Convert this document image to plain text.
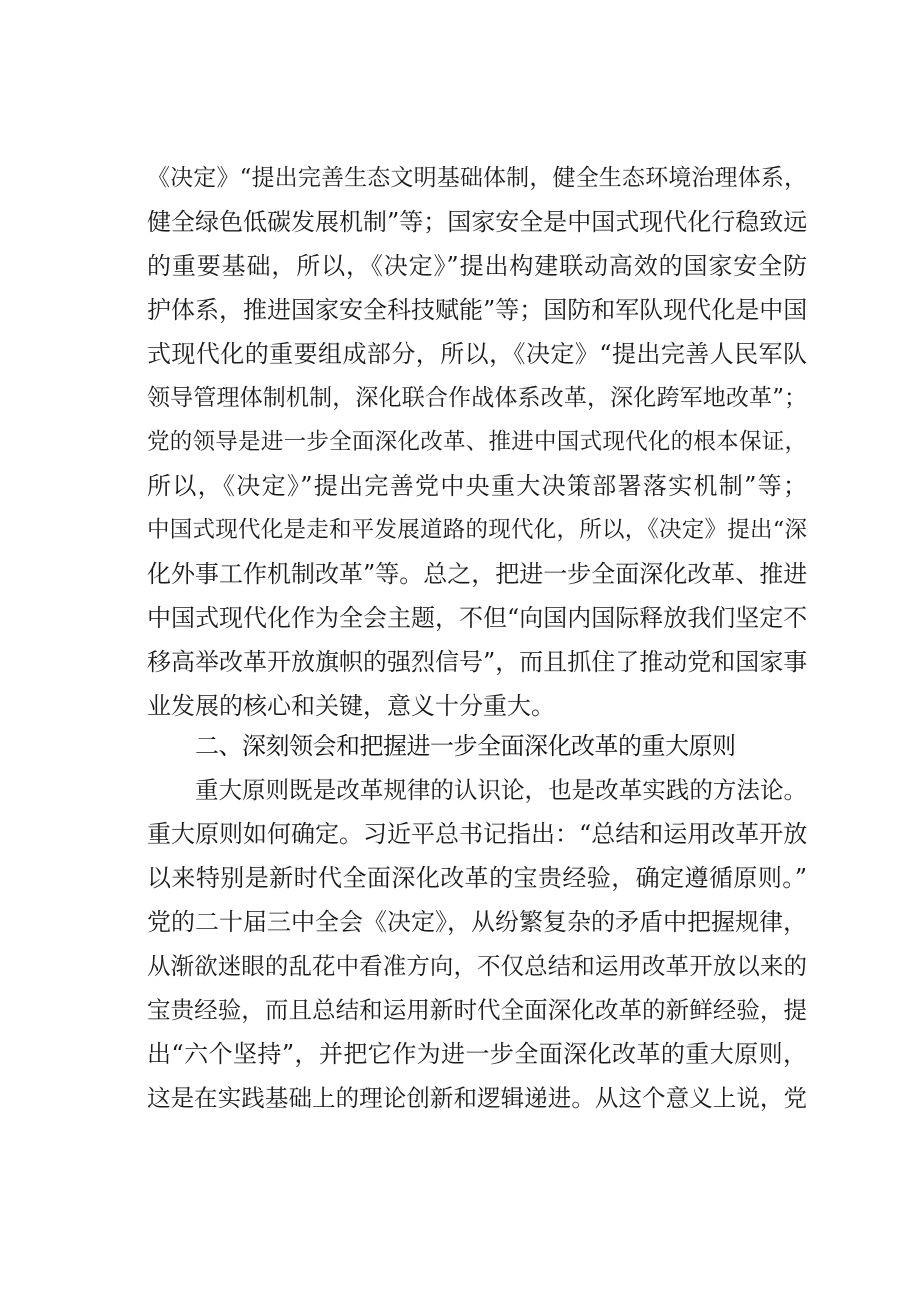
《决定》“提出完善生态文明基础体制，健全生态环境治理体系，
健全绿色低碳发展机制”等；国家安全是中国式现代化行稳致远
的重要基础，所以，《决定》”提出构建联动高效的国家安全防
护体系，推进国家安全科技赋能”等；国防和军队现代化是中国
式现代化的重要组成部分，所以，《决定》“提出完善人民军队
领导管理体制机制，深化联合作战体系改革，深化跨军地改革”；
党的领导是进一步全面深化改革、推进中国式现代化的根本保证，
所以，《决定》”提出完善党中央重大决策部署落实机制”等；
中国式现代化是走和平发展道路的现代化，所以，《决定》提出“深
化外事工作机制改革”等。总之，把进一步全面深化改革、推进
中国式现代化作为全会主题，不但“向国内国际释放我们坚定不
移高举改革开放旗帜的强烈信号”，而且抓住了推动党和国家事
业发展的核心和关键，意义十分重大。
二、深刻领会和把握进一步全面深化改革的重大原则
重大原则既是改革规律的认识论，也是改革实践的方法论。
重大原则如何确定。习近平总书记指出：“总结和运用改革开放
以来特别是新时代全面深化改革的宝贵经验，确定遵循原则。”
党的二十届三中全会《决定》，从纷繁复杂的矛盾中把握规律，
从渐欲迷眼的乱花中看准方向，不仅总结和运用改革开放以来的
宝贵经验，而且总结和运用新时代全面深化改革的新鲜经验，提
出“六个坚持”，并把它作为进一步全面深化改革的重大原则，
这是在实践基础上的理论创新和逻辑递进。从这个意义上说，党
